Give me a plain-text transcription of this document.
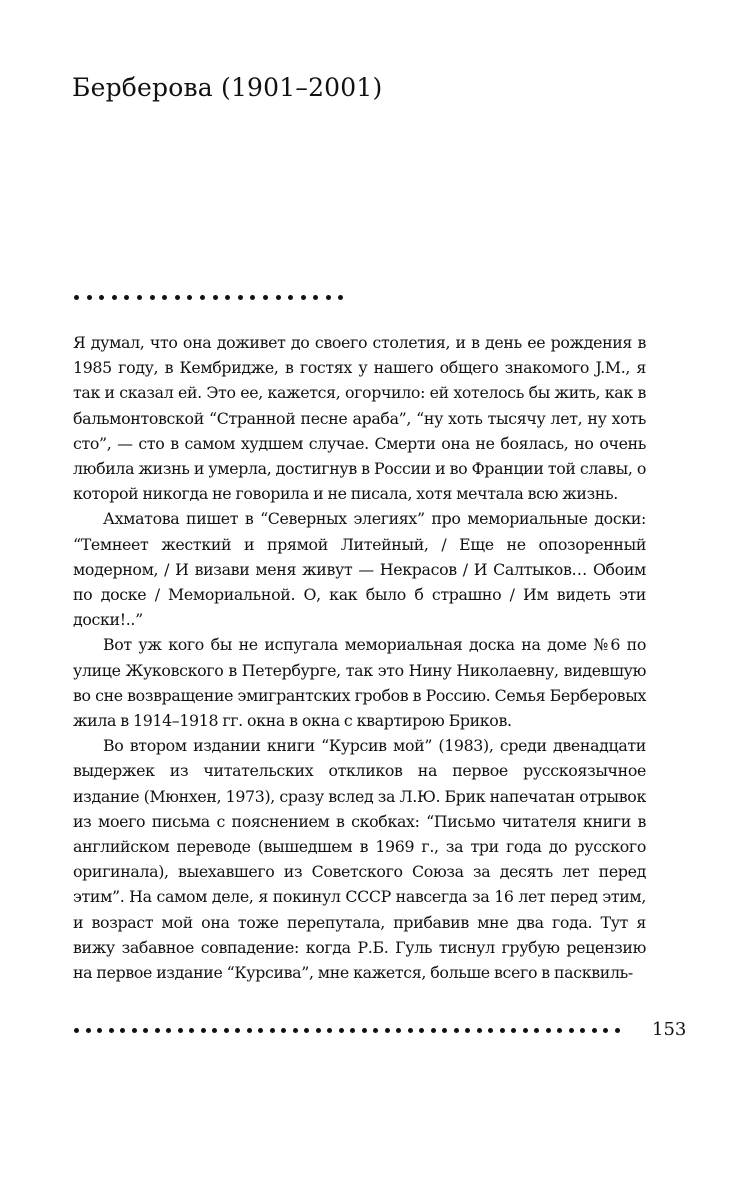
Берберова (1901–2001)

Я думал, что она доживет до своего столетия, и в день ее рождения в 1985 году, в Кембридже, в гостях у нашего общего знакомого J.M., я так и сказал ей. Это ее, кажется, огорчило: ей хотелось бы жить, как в бальмонтовской “Странной песне араба”, “ну хоть тысячу лет, ну хоть сто”, — сто в самом худшем случае. Смерти она не боялась, но очень любила жизнь и умерла, достигнув в России и во Франции той славы, о которой никогда не говорила и не писала, хотя мечтала всю жизнь.

Ахматова пишет в “Северных элегиях” про мемориальные доски: “Темнеет жесткий и прямой Литейный, / Еще не опозоренный модерном, / И визави меня живут — Некрасов / И Салтыков… Обоим по доске / Мемориальной. О, как было б страшно / Им видеть эти доски!..”

Вот уж кого бы не испугала мемориальная доска на доме №6 по улице Жуковского в Петербурге, так это Нину Николаевну, видевшую во сне возвращение эмигрантских гробов в Россию. Семья Берберовых жила в 1914–1918 гг. окна в окна с квартирою Бриков.

Во втором издании книги “Курсив мой” (1983), среди двенадцати выдержек из читательских откликов на первое русскоязычное издание (Мюнхен, 1973), сразу вслед за Л.Ю. Брик напечатан отрывок из моего письма с пояснением в скобках: “Письмо читателя книги в английском переводе (вышедшем в 1969 г., за три года до русского оригинала), выехавшего из Советского Союза за десять лет перед этим”. На самом деле, я покинул СССР навсегда за 16 лет перед этим, и возраст мой она тоже перепутала, прибавив мне два года. Тут я вижу забавное совпадение: когда Р.Б. Гуль тиснул грубую рецензию на первое издание “Курсива”, мне кажется, больше всего в пасквиль-

153
